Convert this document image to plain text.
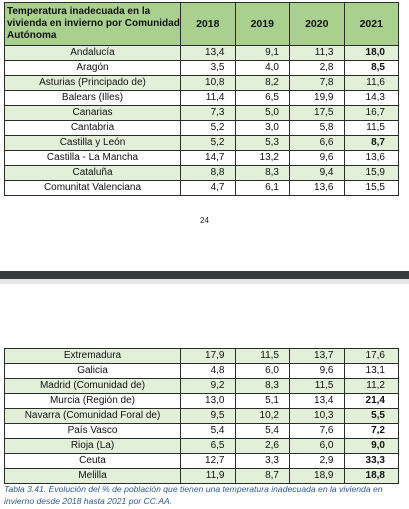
Temperatura inadecuada en la vivienda en invierno por Comunidad Autónoma	2018	2019	2020	2021
Andalucía	13,4	9,1	11,3	18,0
Aragón	3,5	4,0	2,8	8,5
Asturias (Principado de)	10,8	8,2	7,8	11,6
Balears (Illes)	11,4	6,5	19,9	14,3
Canarias	7,3	5,0	17,5	16,7
Cantabria	5,2	3,0	5,8	11,5
Castilla y León	5,2	5,3	6,6	8,7
Castilla - La Mancha	14,7	13,2	9,6	13,6
Cataluña	8,8	8,3	9,4	15,9
Comunitat Valenciana	4,7	6,1	13,6	15,5
24
Extremadura	17,9	11,5	13,7	17,6
Galicia	4,8	6,0	9,6	13,1
Madrid (Comunidad de)	9,2	8,3	11,5	11,2
Murcia (Región de)	13,0	5,1	13,4	21,4
Navarra (Comunidad Foral de)	9,5	10,2	10,3	5,5
País Vasco	5,4	5,4	7,6	7,2
Rioja (La)	6,5	2,6	6,0	9,0
Ceuta	12,7	3,3	2,9	33,3
Melilla	11,9	8,7	18,9	18,8
Tabla 3.41. Evolución del % de población que tienen una temperatura inadecuada en la vivienda en invierno desde 2018 hasta 2021 por CC.AA.
